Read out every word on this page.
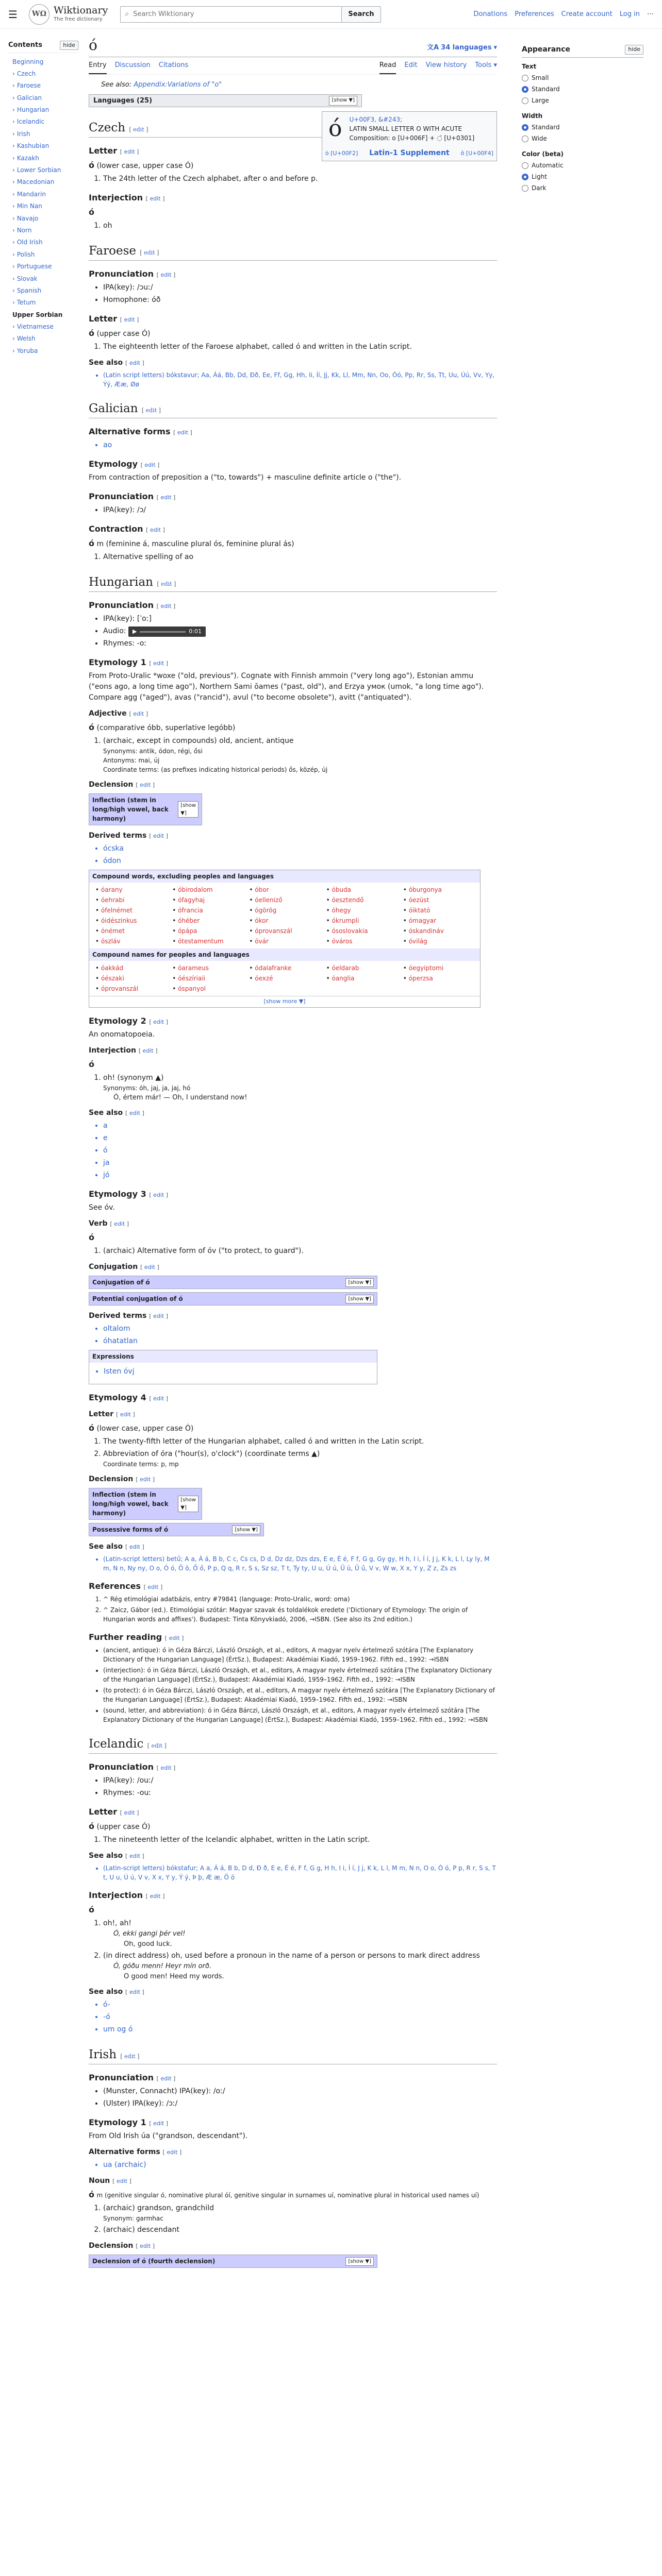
☰	WΩ Wiktionary
The free dictionary
⌕
Search Wiktionary	Search	Donations Preferences Create account Log in ⋯
Contents	hide
Beginning
› Czech
› Faroese
› Galician
› Hungarian
› Icelandic
› Irish
› Kashubian
› Kazakh
› Lower Sorbian
› Macedonian
› Mandarin
› Min Nan
› Navajo
› Norn
› Old Irish
› Polish
› Portuguese
› Slovak
› Spanish
› Tetum
Upper Sorbian
› Vietnamese
› Welsh
› Yoruba
ó	文A 34 languages ▾
Entry Discussion Citations	Read Edit View history Tools ▾
See also: Appendix:Variations of "o"
Languages (25)	[show ▼]
ó	U+00F3, &#243;
LATIN SMALL LETTER O WITH ACUTE
Composition: o [U+006F] + ◌́ [U+0301]
ò [U+00F2] Latin-1 Supplement ô [U+00F4]
Czech [ edit ]
Letter [ edit ]
ó (lower case, upper case Ó)
1. The 24th letter of the Czech alphabet, after o and before p.
Interjection [ edit ]
ó
1. oh
Faroese [ edit ]
Pronunciation [ edit ]
• IPA(key): /ɔuː/
• Homophone: óð
Letter [ edit ]
ó (upper case Ó)
1. The eighteenth letter of the Faroese alphabet, called ó and written in the Latin script.
See also [ edit ]
• (Latin script letters) bókstavur; Aa, Áá, Bb, Dd, Ðð, Ee, Ff, Gg, Hh, Ii, Íí, Jj, Kk, Ll, Mm, Nn, Oo, Óó, Pp, Rr, Ss, Tt, Uu, Úú, Vv, Yy, Ýý, Ææ, Øø
Galician [ edit ]
Alternative forms [ edit ]
• ao
Etymology [ edit ]

From contraction of preposition a ("to, towards") + masculine definite article o ("the").

Pronunciation [ edit ]
• IPA(key): /ɔ/
Contraction [ edit ]
ó m (feminine á, masculine plural ós, feminine plural ás)
1. Alternative spelling of ao
Hungarian [ edit ]
Pronunciation [ edit ]
• IPA(key): [ˈoː]
• Audio: ▶	0:01
• Rhymes: -oː
Etymology 1 [ edit ]

From Proto-Uralic *woxe ("old, previous"). Cognate with Finnish ammoin ("very long ago"), Estonian ammu ("eons ago, a long time ago"), Northern Sami ōames ("past, old"), and Erzya умок (umok, "a long time ago"). Compare agg ("aged"), avas ("rancid"), avul ("to become obsolete"), avitt ("antiquated").

Adjective [ edit ]
ó (comparative óbb, superlative legóbb)
1. (archaic, except in compounds) old, ancient, antique
Synonyms: antik, ódon, régi, ősi
Antonyms: mai, új
Coordinate terms: (as prefixes indicating historical periods) ős, közép, új
Declension [ edit ]
Inflection (stem in long/high vowel, back harmony)
[show ▼]
Derived terms [ edit ]
• ócska
• ódon
Compound words, excluding peoples and languages
• óarany	• óbirodalom	• óbor	• óbuda	• óburgonya
• óehrabi	• ófagyhaj	• óelleniző	• óesztendő	• óezüst
• ófelnémet	• ófrancia	• ógörög	• óhegy	• óiktató
• óidészinkus	• óhéber	• ókor	• ókrumpli	• ómagyar
• ónémet	• ópápa	• óprovanszál	• ósoslovakia	• óskandináv
• ószláv	• ótestamentum	• óvár	• óváros	• óvilág
Compound names for peoples and languages
• óakkád	• óarameus	• ódalafranke	• óeldarab	• óegyiptomi
• óészaki	• óészíriaii	• óexzé	• óanglia	• óperzsa
• óprovanszál	• óspanyol
[show more ▼]
Etymology 2 [ edit ]

An onomatopoeia.

Interjection [ edit ]
ó
1. oh! (synonym ▲)
Synonyms: óh, jaj, ja, jaj, hó
Ó, értem már! — Oh, I understand now!
See also [ edit ]
• a
• e
• ó
• ja
• jó
Etymology 3 [ edit ]

See óv.

Verb [ edit ]
ó
1. (archaic) Alternative form of óv ("to protect, to guard").
Conjugation [ edit ]
Conjugation of ó	[show ▼]
Potential conjugation of ó	[show ▼]
Derived terms [ edit ]
• oltalom
• óhatatlan
Expressions
• Isten óvj
Etymology 4 [ edit ]
Letter [ edit ]
ó (lower case, upper case Ó)
1. The twenty-fifth letter of the Hungarian alphabet, called ó and written in the Latin script.
2. Abbreviation of óra ("hour(s), o'clock") (coordinate terms ▲)
Coordinate terms: p, mp
Declension [ edit ]
Inflection (stem in long/high vowel, back harmony)
[show ▼]
Possessive forms of ó	[show ▼]
See also [ edit ]
• (Latin-script letters) betű; A a, Á á, B b, C c, Cs cs, D d, Dz dz, Dzs dzs, E e, É é, F f, G g, Gy gy, H h, I i, Í í, J j, K k, L l, Ly ly, M m, N n, Ny ny, O o, Ó ó, Ö ö, Ő ő, P p, Q q, R r, S s, Sz sz, T t, Ty ty, U u, Ú ú, Ü ü, Ű ű, V v, W w, X x, Y y, Z z, Zs zs
References [ edit ]
1. ^ Rég etimológiai adatbázis, entry #79841 (language: Proto-Uralic, word: oma)
2. ^ Zaicz, Gábor (ed.). Etimológiai szótár: Magyar szavak és toldalékok eredete ('Dictionary of Etymology: The origin of Hungarian words and affixes'). Budapest: Tinta Könyvkiadó, 2006, →ISBN. (See also its 2nd edition.)
Further reading [ edit ]
• (ancient, antique): ó in Géza Bárczi, László Országh, et al., editors, A magyar nyelv értelmező szótára [The Explanatory Dictionary of the Hungarian Language] (ÉrtSz.), Budapest: Akadémiai Kiadó, 1959–1962. Fifth ed., 1992: →ISBN
• (interjection): ó in Géza Bárczi, László Országh, et al., editors, A magyar nyelv értelmező szótára [The Explanatory Dictionary of the Hungarian Language] (ÉrtSz.), Budapest: Akadémiai Kiadó, 1959–1962. Fifth ed., 1992: →ISBN
• (to protect): ó in Géza Bárczi, László Országh, et al., editors, A magyar nyelv értelmező szótára [The Explanatory Dictionary of the Hungarian Language] (ÉrtSz.), Budapest: Akadémiai Kiadó, 1959–1962. Fifth ed., 1992: →ISBN
• (sound, letter, and abbreviation): ó in Géza Bárczi, László Országh, et al., editors, A magyar nyelv értelmező szótára [The Explanatory Dictionary of the Hungarian Language] (ÉrtSz.), Budapest: Akadémiai Kiadó, 1959–1962. Fifth ed., 1992: →ISBN
Icelandic [ edit ]
Pronunciation [ edit ]
• IPA(key): /ouː/
• Rhymes: -ouː
Letter [ edit ]
ó (upper case Ó)
1. The nineteenth letter of the Icelandic alphabet, written in the Latin script.
See also [ edit ]
• (Latin-script letters) bókstafur; A a, Á á, B b, D d, Ð ð, E e, É é, F f, G g, H h, I i, Í í, J j, K k, L l, M m, N n, O o, Ó ó, P p, R r, S s, T t, U u, Ú ú, V v, X x, Y y, Ý ý, Þ þ, Æ æ, Ö ö
Interjection [ edit ]
ó
1. oh!, ah!
Ó, ekki gangi þér vel!
Oh, good luck.
2. (in direct address) oh, used before a pronoun in the name of a person or persons to mark direct address
Ó, góðu menn! Heyr mín orð.
O good men! Heed my words.
See also [ edit ]
• ó-
• -ó
• um og ó
Irish [ edit ]
Pronunciation [ edit ]
• (Munster, Connacht) IPA(key): /oː/
• (Ulster) IPA(key): /ɔː/
Etymology 1 [ edit ]

From Old Irish úa ("grandson, descendant").

Alternative forms [ edit ]
• ua (archaic)
Noun [ edit ]
ó m (genitive singular ó, nominative plural óí, genitive singular in surnames uí, nominative plural in historical used names uí)
1. (archaic) grandson, grandchild
Synonym: garmhac
2. (archaic) descendant
Declension [ edit ]
Declension of ó (fourth declension)	[show ▼]
Appearance	hide
Text
Small
Standard
Large
Width
Standard
Wide
Color (beta)
Automatic
Light
Dark
